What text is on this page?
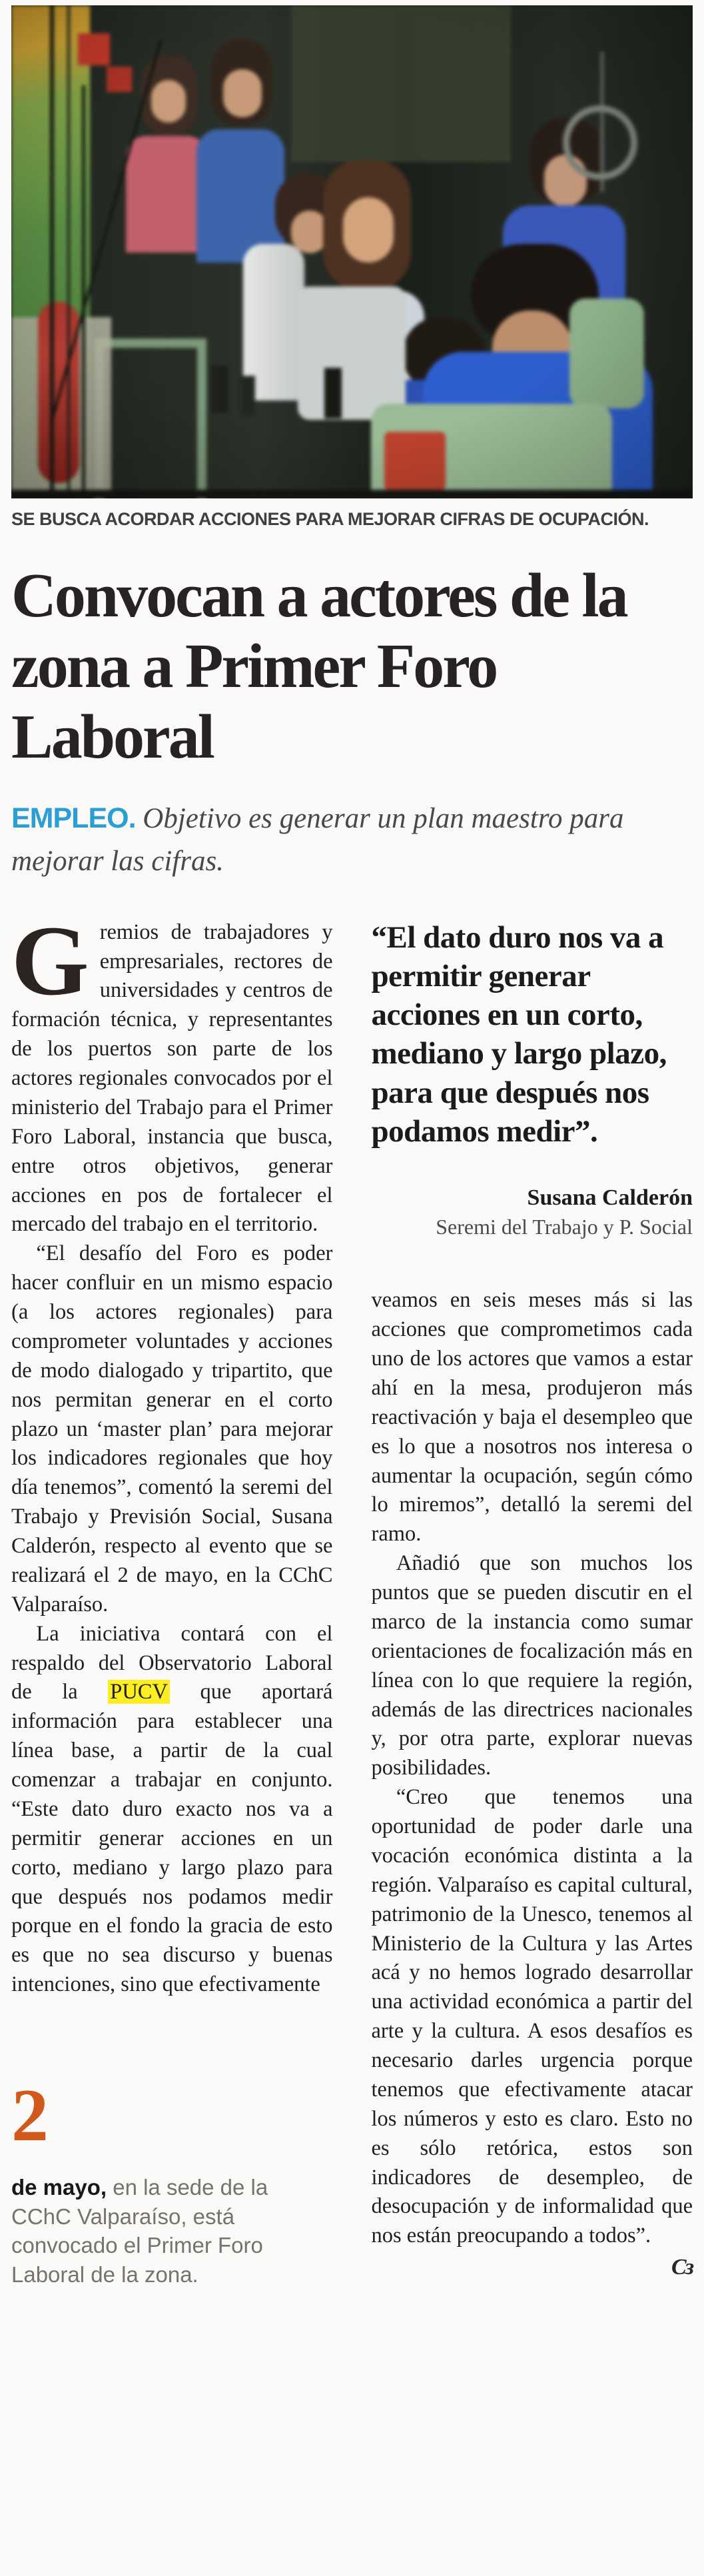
SE BUSCA ACORDAR ACCIONES PARA MEJORAR CIFRAS DE OCUPACIÓN.
Convocan a actores de la zona a Primer Foro Laboral
EMPLEO. Objetivo es generar un plan maestro para mejorar las cifras.

Gremios de trabajadores y empresariales, rectores de universidades y centros de formación técnica, y representantes de los puertos son parte de los actores regionales convocados por el ministerio del Trabajo para el Primer Foro Laboral, instancia que busca, entre otros objetivos, generar acciones en pos de fortalecer el mercado del trabajo en el territorio.

“El desafío del Foro es poder hacer confluir en un mismo espacio (a los actores regionales) para comprometer voluntades y acciones de modo dialogado y tripartito, que nos permitan generar en el corto plazo un ‘master plan’ para mejorar los indicadores regionales que hoy día tenemos”, comentó la seremi del Trabajo y Previsión Social, Susana Calderón, respecto al evento que se realizará el 2 de mayo, en la CChC Valparaíso.

La iniciativa contará con el respaldo del Observatorio Laboral de la PUCV que aportará información para establecer una línea base, a partir de la cual comenzar a trabajar en conjunto. “Este dato duro exacto nos va a permitir generar acciones en un corto, mediano y largo plazo para que después nos podamos medir porque en el fondo la gracia de esto es que no sea discurso y buenas intenciones, sino que efectivamente

2
de mayo, en la sede de la CChC Valparaíso, está convocado el Primer Foro Laboral de la zona.
“El dato duro nos va a permitir generar acciones en un corto, mediano y largo plazo, para que después nos podamos medir”.
Susana Calderón
Seremi del Trabajo y P. Social

veamos en seis meses más si las acciones que comprometimos cada uno de los actores que vamos a estar ahí en la mesa, produjeron más reactivación y baja el desempleo que es lo que a nosotros nos interesa o aumentar la ocupación, según cómo lo miremos”, detalló la seremi del ramo.

Añadió que son muchos los puntos que se pueden discutir en el marco de la instancia como sumar orientaciones de focalización más en línea con lo que requiere la región, además de las directrices nacionales y, por otra parte, explorar nuevas posibilidades.

“Creo que tenemos una oportunidad de poder darle una vocación económica distinta a la región. Valparaíso es capital cultural, patrimonio de la Unesco, tenemos al Ministerio de la Cultura y las Artes acá y no hemos logrado desarrollar una actividad económica a partir del arte y la cultura. A esos desafíos es necesario darles urgencia porque tenemos que efectivamente atacar los números y esto es claro. Esto no es sólo retórica, estos son indicadores de desempleo, de desocupación y de informalidad que nos están preocupando a todos”.
Cз
